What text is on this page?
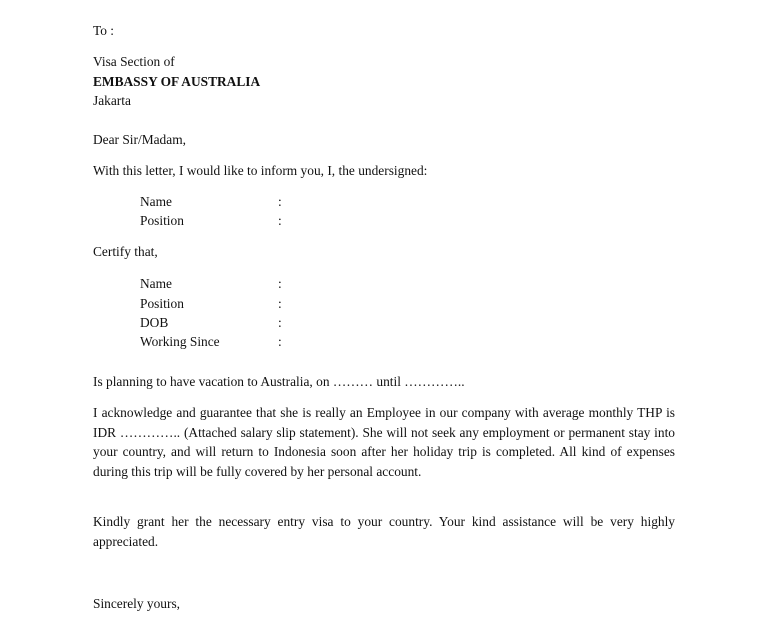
To :
Visa Section of
EMBASSY OF AUSTRALIA
Jakarta
Dear Sir/Madam,
With this letter, I would like to inform you, I, the undersigned:
Name	:
Position	:
Certify that,
Name	:
Position	:
DOB	:
Working Since	:
Is planning to have vacation to Australia, on ……… until …………..
I acknowledge and guarantee that she is really an Employee in our company with average monthly THP is IDR ………….. (Attached salary slip statement). She will not seek any employment or permanent stay into your country, and will return to Indonesia soon after her holiday trip is completed. All kind of expenses during this trip will be fully covered by her personal account.
Kindly grant her the necessary entry visa to your country. Your kind assistance will be very highly appreciated.
Sincerely yours,
